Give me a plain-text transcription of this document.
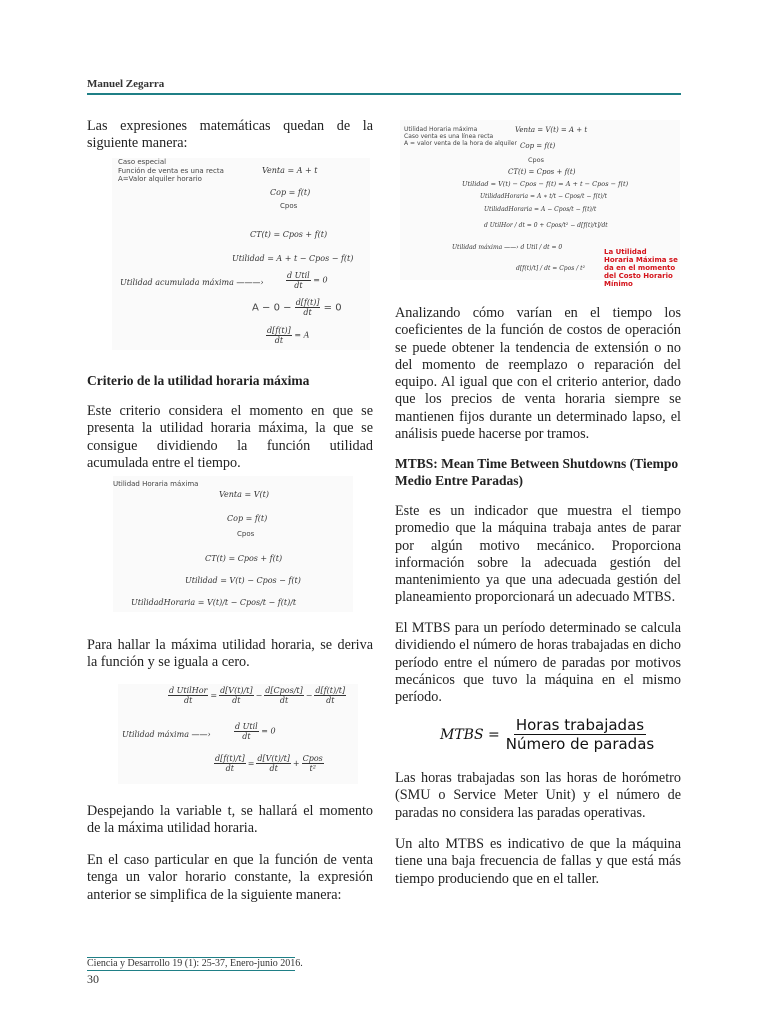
Manuel Zegarra
Las expresiones matemáticas quedan de la siguiente manera:
Caso especial
Función de venta es una recta
A=Valor alquiler horario
Venta = A + t
Cop = f(t)
Cpos
CT(t) = Cpos + f(t)
Utilidad = A + t − Cpos − f(t)
Utilidad acumulada máxima ———›	$\frac{\text{d Util}}{dt} = 0$
$A - 0 - \frac{d[f(t)]}{dt} = 0$
$\frac{d[f(t)]}{dt} = A$
Criterio de la utilidad horaria máxima
Este criterio considera el momento en que se presenta la utilidad horaria máxima, la que se consigue dividiendo la función utilidad acumulada entre el tiempo.
Utilidad Horaria máxima
Venta = V(t)
Cop = f(t)
Cpos
CT(t) = Cpos + f(t)
Utilidad = V(t) − Cpos − f(t)
UtilidadHoraria = V(t)/t − Cpos/t − f(t)/t
Para hallar la máxima utilidad horaria, se deriva la función y se iguala a cero.
$\frac{\text{d UtilHor}}{dt} = \frac{d[V(t)/t]}{dt} - \frac{\text{d[Cpos/t]}}{dt} - \frac{d[f(t)/t]}{dt}$
Utilidad máxima ——›	$\frac{\text{d Util}}{dt} = 0$
$\frac{d[f(t)/t]}{dt} = \frac{d[V(t)/t]}{dt} + \frac{\text{Cpos}}{\text{t²}}$
Despejando la variable t, se hallará el momento de la máxima utilidad horaria.
En el caso particular en que la función de venta tenga un valor horario constante, la expresión anterior se simplifica de la siguiente manera:
Utilidad Horaria máxima
Caso venta es una línea recta
A = valor venta de la hora de alquiler
Venta = V(t) = A + t
Cop = f(t)
Cpos
CT(t) = Cpos + f(t)
Utilidad = V(t) − Cpos − f(t) = A + t − Cpos − f(t)
UtilidadHoraria = A ∗ t/t − Cpos/t − f(t)/t
UtilidadHoraria = A − Cpos/t − f(t)/t
d UtilHor / dt = 0 + Cpos/t² − d[f(t)/t]/dt
Utilidad máxima ——› d Util / dt = 0
d[f(t)/t] / dt = Cpos / t²
La Utilidad Horaria Máxima se da en el momento del Costo Horario Mínimo
Analizando cómo varían en el tiempo los coeficientes de la función de costos de operación se puede obtener la tendencia de extensión o no del momento de reemplazo o reparación del equipo. Al igual que con el criterio anterior, dado que los precios de venta horaria siempre se mantienen fijos durante un determinado lapso, el análisis puede hacerse por tramos.
MTBS: Mean Time Between Shutdowns (Tiempo Medio Entre Paradas)
Este es un indicador que muestra el tiempo promedio que la máquina trabaja antes de parar por algún motivo mecánico. Proporciona información sobre la adecuada gestión del mantenimiento ya que una adecuada gestión del planeamiento proporcionará un adecuado MTBS.
El MTBS para un período determinado se calcula dividiendo el número de horas trabajadas en dicho período entre el número de paradas por motivos mecánicos que tuvo la máquina en el mismo período.
MTBS = $\frac{\text{Horas trabajadas}}{\text{Número de paradas}}$
Las horas trabajadas son las horas de horómetro (SMU o Service Meter Unit) y el número de paradas no considera las paradas operativas.
Un alto MTBS es indicativo de que la máquina tiene una baja frecuencia de fallas y que está más tiempo produciendo que en el taller.
Ciencia y Desarrollo 19 (1): 25-37, Enero-junio 2016.
30
